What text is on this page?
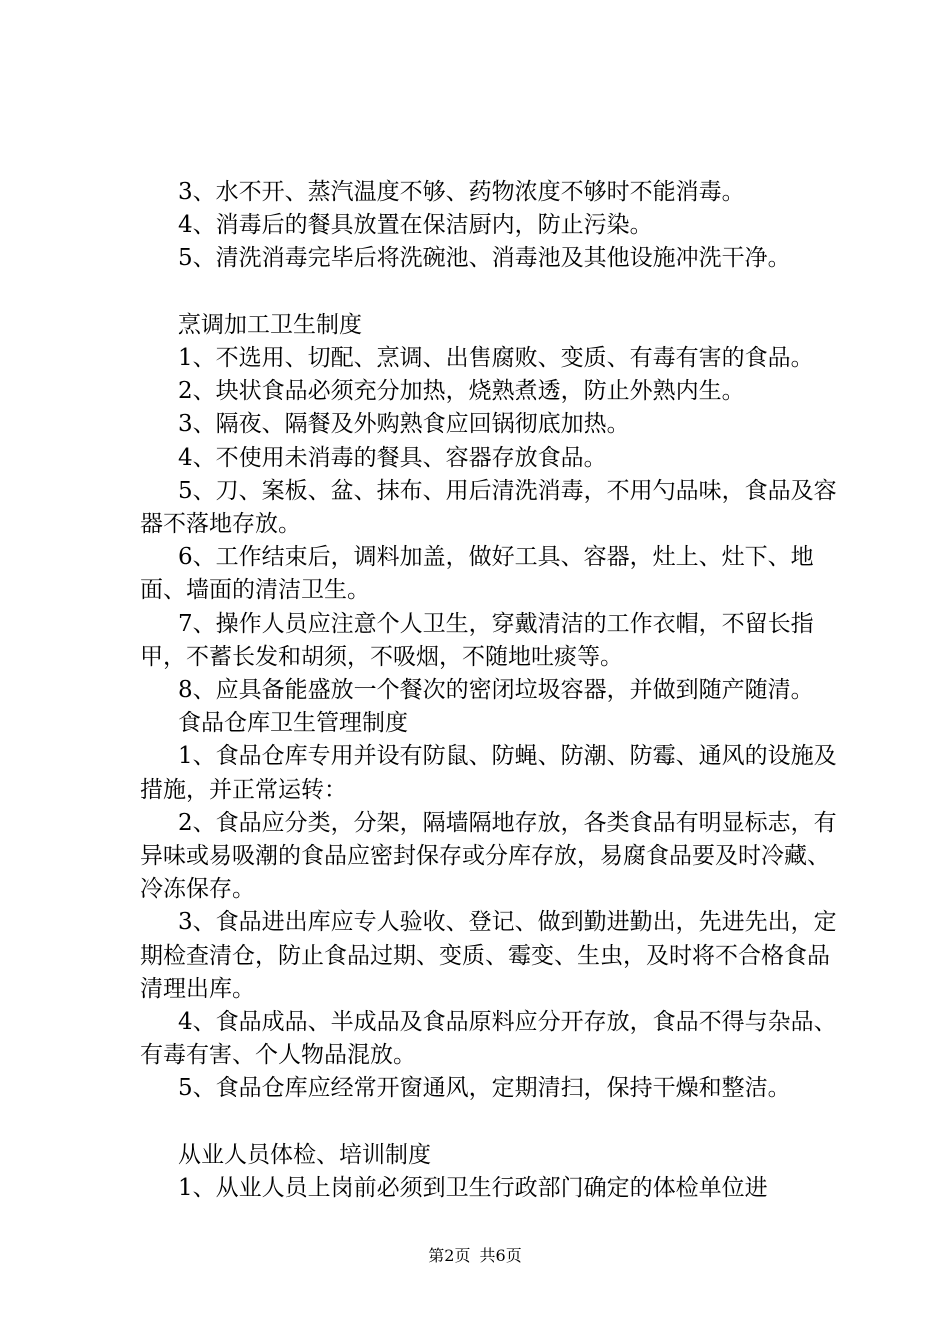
3、水不开、蒸汽温度不够、药物浓度不够时不能消毒。

4、消毒后的餐具放置在保洁厨内，防止污染。

5、清洗消毒完毕后将洗碗池、消毒池及其他设施冲洗干净。

烹调加工卫生制度

1、不选用、切配、烹调、出售腐败、变质、有毒有害的食品。

2、块状食品必须充分加热，烧熟煮透，防止外熟内生。

3、隔夜、隔餐及外购熟食应回锅彻底加热。

4、不使用未消毒的餐具、容器存放食品。

5、刀、案板、盆、抹布、用后清洗消毒，不用勺品味，食品及容器不落地存放。

6、工作结束后，调料加盖，做好工具、容器，灶上、灶下、地面、墙面的清洁卫生。

7、操作人员应注意个人卫生，穿戴清洁的工作衣帽，不留长指甲，不蓄长发和胡须，不吸烟，不随地吐痰等。

8、应具备能盛放一个餐次的密闭垃圾容器，并做到随产随清。

食品仓库卫生管理制度

1、食品仓库专用并设有防鼠、防蝇、防潮、防霉、通风的设施及措施，并正常运转：

2、食品应分类，分架，隔墙隔地存放，各类食品有明显标志，有异味或易吸潮的食品应密封保存或分库存放，易腐食品要及时冷藏、冷冻保存。

3、食品进出库应专人验收、登记、做到勤进勤出，先进先出，定期检查清仓，防止食品过期、变质、霉变、生虫，及时将不合格食品清理出库。

4、食品成品、半成品及食品原料应分开存放，食品不得与杂品、有毒有害、个人物品混放。

5、食品仓库应经常开窗通风，定期清扫，保持干燥和整洁。

从业人员体检、培训制度

1、从业人员上岗前必须到卫生行政部门确定的体检单位进

第2页 共6页
